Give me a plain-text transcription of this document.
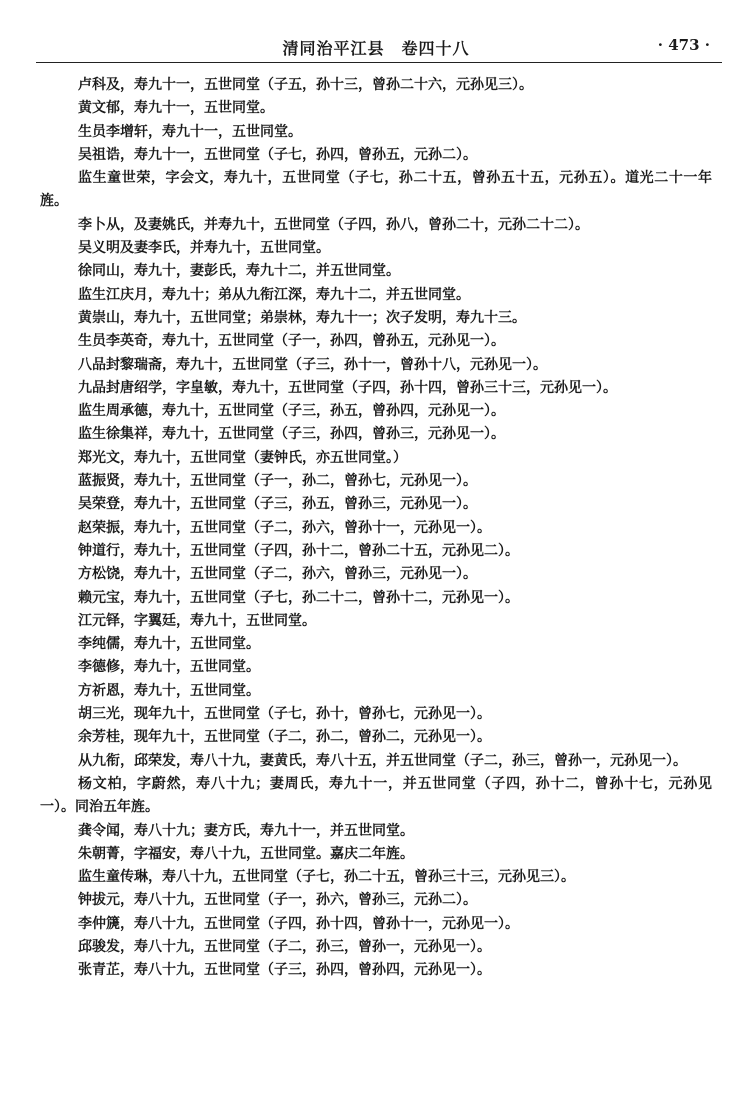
清同治平江县　卷四十八	· 473 ·

卢科及，寿九十一，五世同堂（子五，孙十三，曾孙二十六，元孙见三）。

黄文郁，寿九十一，五世同堂。

生员李增轩，寿九十一，五世同堂。

吴祖诰，寿九十一，五世同堂（子七，孙四，曾孙五，元孙二）。

监生童世荣，字会文，寿九十，五世同堂（子七，孙二十五，曾孙五十五，元孙五）。道光二十一年旌。

李卜从，及妻姚氏，并寿九十，五世同堂（子四，孙八，曾孙二十，元孙二十二）。

吴义明及妻李氏，并寿九十，五世同堂。

徐同山，寿九十，妻彭氏，寿九十二，并五世同堂。

监生江庆月，寿九十；弟从九衔江深，寿九十二，并五世同堂。

黄崇山，寿九十，五世同堂；弟崇林，寿九十一；次子发明，寿九十三。

生员李英奇，寿九十，五世同堂（子一，孙四，曾孙五，元孙见一）。

八品封黎瑞斋，寿九十，五世同堂（子三，孙十一，曾孙十八，元孙见一）。

九品封唐绍学，字皇敏，寿九十，五世同堂（子四，孙十四，曾孙三十三，元孙见一）。

监生周承德，寿九十，五世同堂（子三，孙五，曾孙四，元孙见一）。

监生徐集祥，寿九十，五世同堂（子三，孙四，曾孙三，元孙见一）。

郑光文，寿九十，五世同堂（妻钟氏，亦五世同堂。）

蓝振贤，寿九十，五世同堂（子一，孙二，曾孙七，元孙见一）。

吴荣登，寿九十，五世同堂（子三，孙五，曾孙三，元孙见一）。

赵荣振，寿九十，五世同堂（子二，孙六，曾孙十一，元孙见一）。

钟道行，寿九十，五世同堂（子四，孙十二，曾孙二十五，元孙见二）。

方松饶，寿九十，五世同堂（子二，孙六，曾孙三，元孙见一）。

赖元宝，寿九十，五世同堂（子七，孙二十二，曾孙十二，元孙见一）。

江元铎，字翼廷，寿九十，五世同堂。

李纯儒，寿九十，五世同堂。

李德修，寿九十，五世同堂。

方祈恩，寿九十，五世同堂。

胡三光，现年九十，五世同堂（子七，孙十，曾孙七，元孙见一）。

余芳桂，现年九十，五世同堂（子二，孙二，曾孙二，元孙见一）。

从九衔，邱荣发，寿八十九，妻黄氏，寿八十五，并五世同堂（子二，孙三，曾孙一，元孙见一）。

杨文柏，字蔚然，寿八十九；妻周氏，寿九十一，并五世同堂（子四，孙十二，曾孙十七，元孙见一）。同治五年旌。

龚令闻，寿八十九；妻方氏，寿九十一，并五世同堂。

朱朝菁，字福安，寿八十九，五世同堂。嘉庆二年旌。

监生童传琳，寿八十九，五世同堂（子七，孙二十五，曾孙三十三，元孙见三）。

钟拔元，寿八十九，五世同堂（子一，孙六，曾孙三，元孙二）。

李仲篪，寿八十九，五世同堂（子四，孙十四，曾孙十一，元孙见一）。

邱骏发，寿八十九，五世同堂（子二，孙三，曾孙一，元孙见一）。

张青芷，寿八十九，五世同堂（子三，孙四，曾孙四，元孙见一）。
